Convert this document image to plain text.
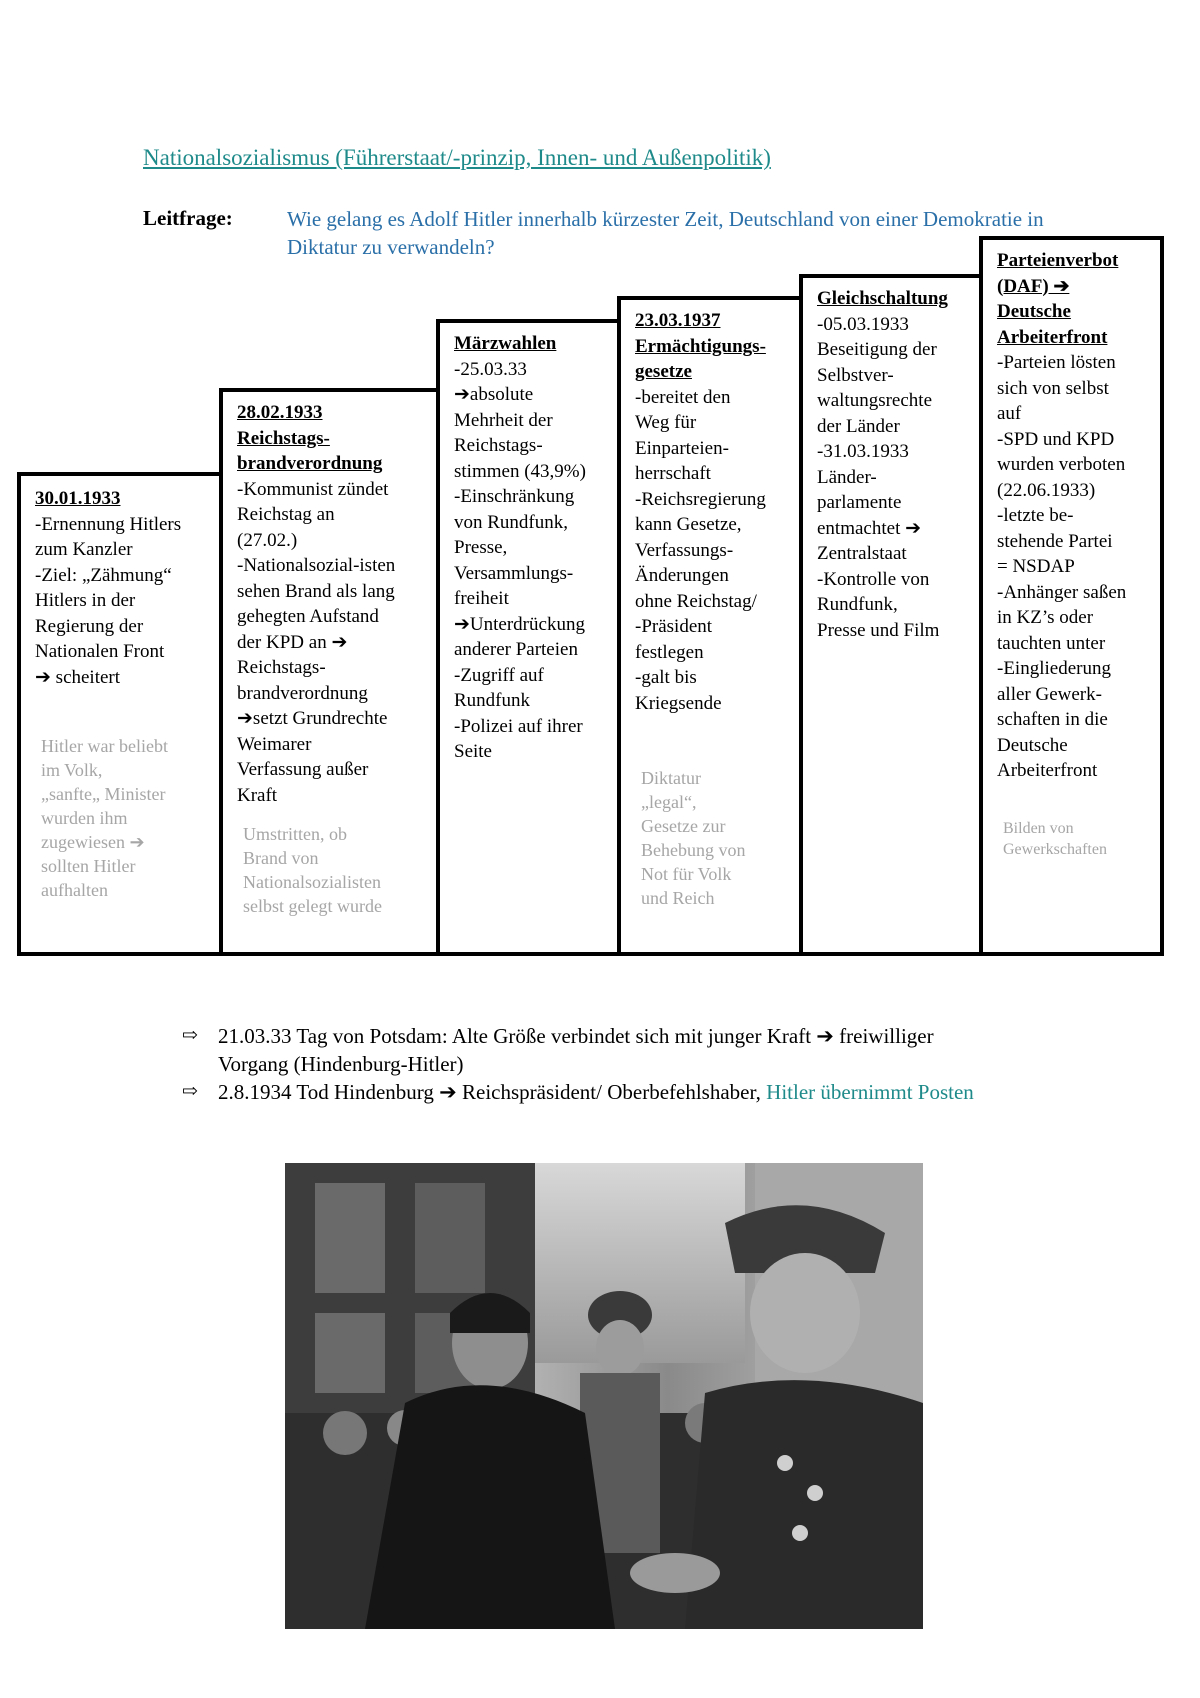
Nationalsozialismus (Führerstaat/-prinzip, Innen- und Außenpolitik)
Leitfrage:	Wie gelang es Adolf Hitler innerhalb kürzester Zeit, Deutschland von einer Demokratie in Diktatur zu verwandeln?
30.01.1933
-Ernennung Hitlers
zum Kanzler
-Ziel: „Zähmung“
Hitlers in der
Regierung der
Nationalen Front
➔ scheitert
Hitler war beliebt
im Volk,
„sanfte„ Minister
wurden ihm
zugewiesen ➔
sollten Hitler
aufhalten
28.02.1933
Reichstags-
brandverordnung
-Kommunist zündet
Reichstag an
(27.02.)
-Nationalsozial-isten
sehen Brand als lang
gehegten Aufstand
der KPD an ➔
Reichstags-
brandverordnung
➔setzt Grundrechte
Weimarer
Verfassung außer
Kraft
Umstritten, ob
Brand von
Nationalsozialisten
selbst gelegt wurde
Märzwahlen
-25.03.33
➔absolute
Mehrheit der
Reichstags-
stimmen (43,9%)
-Einschränkung
von Rundfunk,
Presse,
Versammlungs-
freiheit
➔Unterdrückung
anderer Parteien
-Zugriff auf
Rundfunk
-Polizei auf ihrer
Seite
23.03.1937
Ermächtigungs-
gesetze
-bereitet den
Weg für
Einparteien-
herrschaft
-Reichsregierung
kann Gesetze,
Verfassungs-
Änderungen
ohne Reichstag/
-Präsident
festlegen
-galt bis
Kriegsende
Diktatur
„legal“,
Gesetze zur
Behebung von
Not für Volk
und Reich
Gleichschaltung
-05.03.1933
Beseitigung der
Selbstver-
waltungsrechte
der Länder
-31.03.1933
Länder-
parlamente
entmachtet ➔
Zentralstaat
-Kontrolle von
Rundfunk,
Presse und Film
Parteienverbot
(DAF) ➔
Deutsche
Arbeiterfront
-Parteien lösten
sich von selbst
auf
-SPD und KPD
wurden verboten
(22.06.1933)
-letzte be-
stehende Partei
= NSDAP
-Anhänger saßen
in KZ’s oder
tauchten unter
-Eingliederung
aller Gewerk-
schaften in die
Deutsche
Arbeiterfront
Bilden von
Gewerkschaften
⇨ 21.03.33 Tag von Potsdam: Alte Größe verbindet sich mit junger Kraft ➔ freiwilliger Vorgang (Hindenburg-Hitler)
⇨ 2.8.1934 Tod Hindenburg ➔ Reichspräsident/ Oberbefehlshaber, Hitler übernimmt Posten
